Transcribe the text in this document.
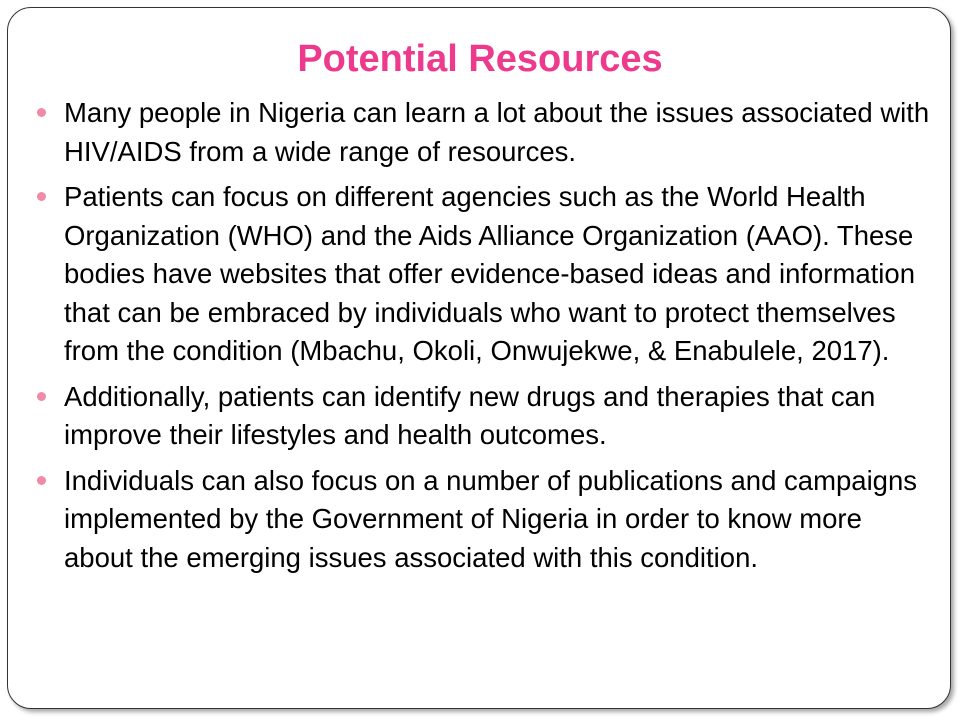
Potential Resources
Many people in Nigeria can learn a lot about the issues associated with HIV/AIDS from a wide range of resources.
Patients can focus on different agencies such as the World Health Organization (WHO) and the Aids Alliance Organization (AAO). These bodies have websites that offer evidence-based ideas and information that can be embraced by individuals who want to protect themselves from the condition (Mbachu, Okoli, Onwujekwe, & Enabulele, 2017).
Additionally, patients can identify new drugs and therapies that can improve their lifestyles and health outcomes.
Individuals can also focus on a number of publications and campaigns implemented by the Government of Nigeria in order to know more about the emerging issues associated with this condition.
